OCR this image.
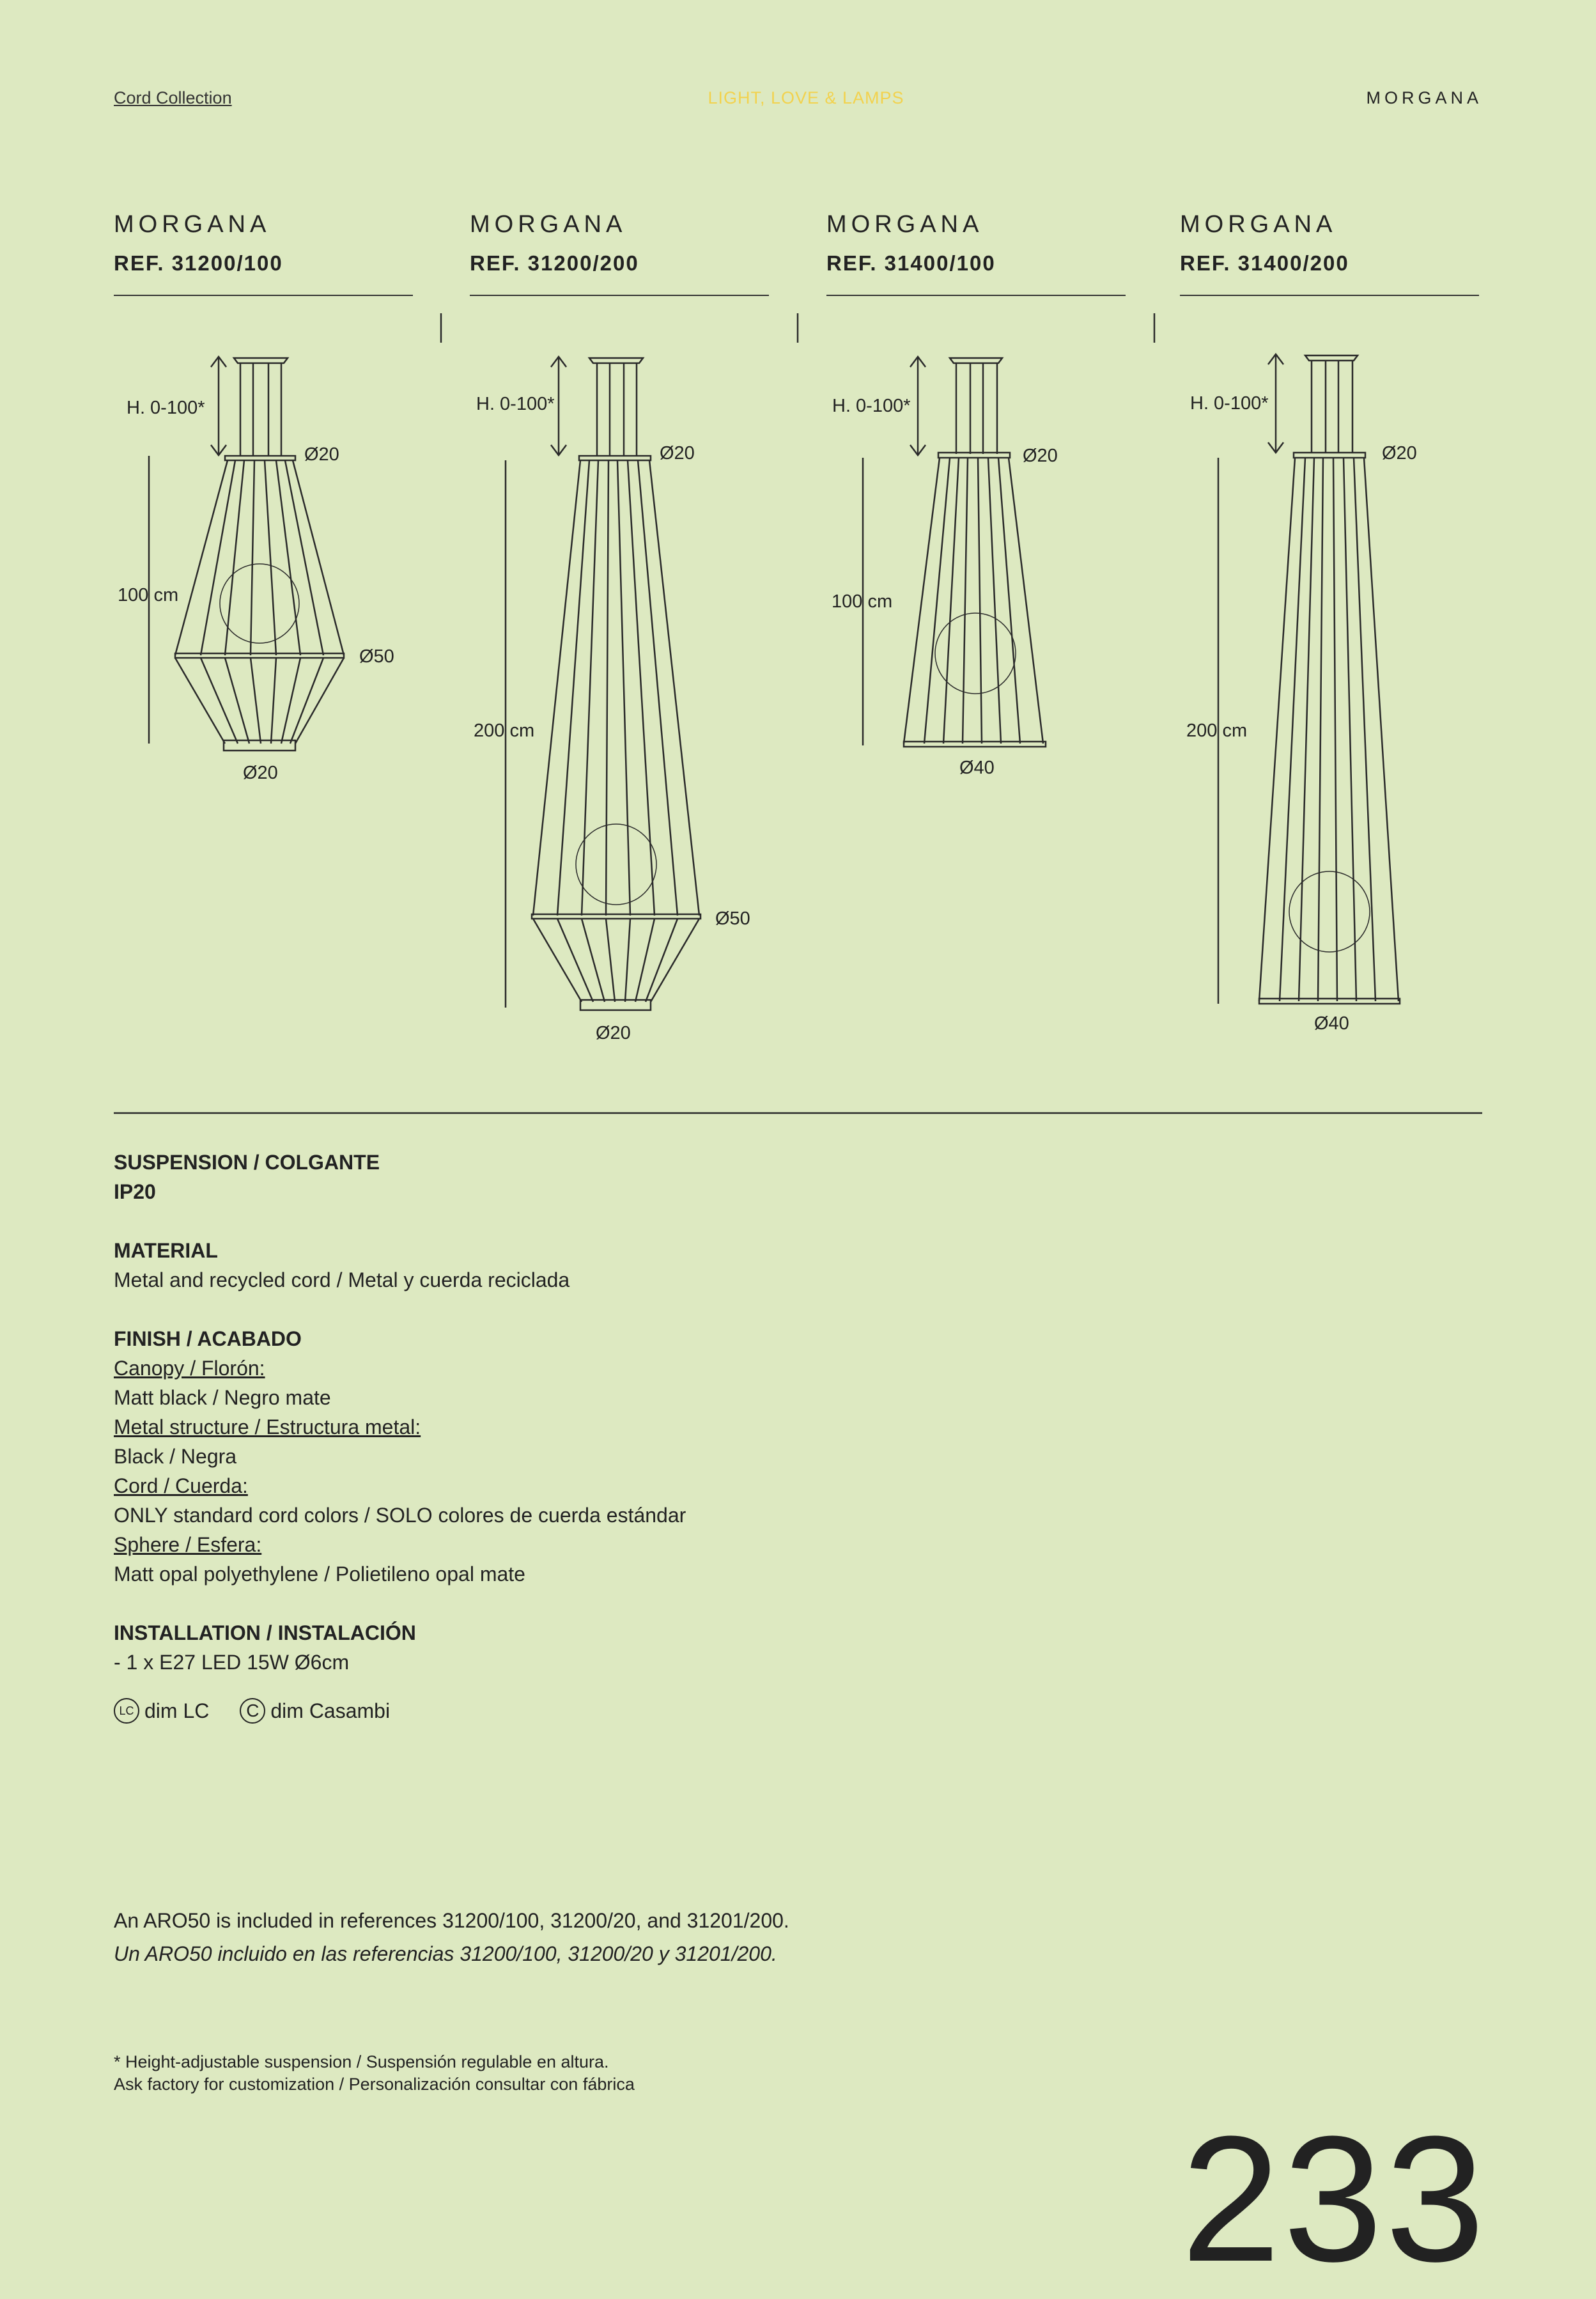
Cord Collection	LIGHT, LOVE & LAMPS	MORGANA
MORGANA
REF. 31200/100
MORGANA
REF. 31200/200
MORGANA
REF. 31400/100
MORGANA
REF. 31400/200
H. 0-100*
100 cm
Ø20
Ø50
Ø20
H. 0-100*
200 cm
Ø20
Ø50
Ø20
H. 0-100*
100 cm
Ø20
Ø40
H. 0-100*
200 cm
Ø20
Ø40
SUSPENSION / COLGANTE
IP20
MATERIAL
Metal and recycled cord / Metal y cuerda reciclada
FINISH / ACABADO
Canopy / Florón:
Matt black / Negro mate
Metal structure / Estructura metal:
Black / Negra
Cord / Cuerda:
ONLY standard cord colors / SOLO colores de cuerda estándar
Sphere / Esfera:
Matt opal polyethylene / Polietileno opal mate
INSTALLATION / INSTALACIÓN
- 1 x E27 LED 15W Ø6cm
LC dim LC	C dim Casambi
An ARO50 is included in references 31200/100, 31200/20, and 31201/200.
Un ARO50 incluido en las referencias 31200/100, 31200/20 y 31201/200.
* Height-adjustable suspension / Suspensión regulable en altura.
Ask factory for customization / Personalización consultar con fábrica
233
